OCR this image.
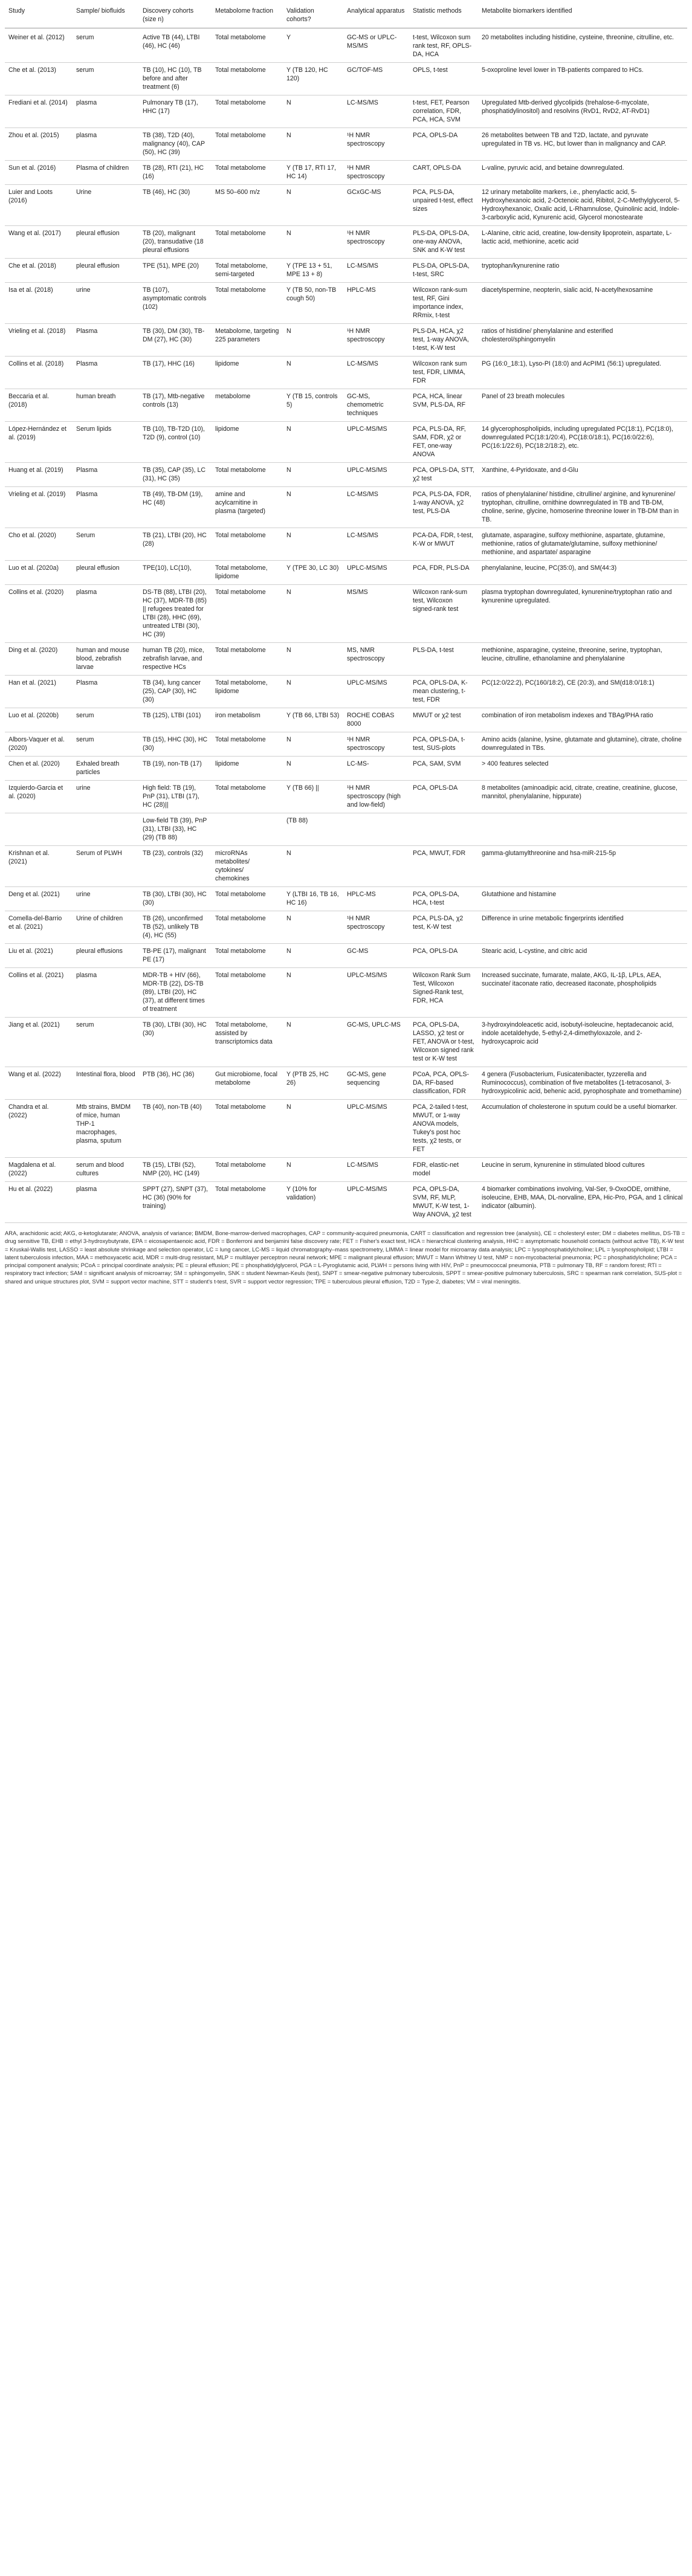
Study	Sample/ biofluids	Discovery cohorts (size n)	Metabolome fraction	Validation cohorts?	Analytical apparatus	Statistic methods	Metabolite biomarkers identified
Weiner et al. (2012)	serum	Active TB (44), LTBI (46), HC (46)	Total metabolome	Y	GC-MS or UPLC-MS/MS	t-test, Wilcoxon sum rank test, RF, OPLS-DA, HCA	20 metabolites including histidine, cysteine, threonine, citrulline, etc.
Che et al. (2013)	serum	TB (10), HC (10), TB before and after treatment (6)	Total metabolome	Y (TB 120, HC 120)	GC/TOF-MS	OPLS, t-test	5-oxoproline level lower in TB-patients compared to HCs.
Frediani et al. (2014)	plasma	Pulmonary TB (17), HHC (17)	Total metabolome	N	LC-MS/MS	t-test, FET, Pearson correlation, FDR, PCA, HCA, SVM	Upregulated Mtb-derived glycolipids (trehalose-6-mycolate, phosphatidylinositol) and resolvins (RvD1, RvD2, AT-RvD1)
Zhou et al. (2015)	plasma	TB (38), T2D (40), malignancy (40), CAP (50), HC (39)	Total metabolome	N	¹H NMR spectroscopy	PCA, OPLS-DA	26 metabolites between TB and T2D, lactate, and pyruvate upregulated in TB vs. HC, but lower than in malignancy and CAP.
Sun et al. (2016)	Plasma of children	TB (28), RTI (21), HC (16)	Total metabolome	Y (TB 17, RTI 17, HC 14)	¹H NMR spectroscopy	CART, OPLS-DA	L-valine, pyruvic acid, and betaine downregulated.
Luier and Loots (2016)	Urine	TB (46), HC (30)	MS 50–600 m/z	N	GCxGC-MS	PCA, PLS-DA, unpaired t-test, effect sizes	12 urinary metabolite markers, i.e., phenylactic acid, 5-Hydroxyhexanoic acid, 2-Octenoic acid, Ribitol, 2-C-Methylglycerol, 5-Hydroxyhexanoic, Oxalic acid, L-Rhamnulose, Quinolinic acid, Indole-3-carboxylic acid, Kynurenic acid, Glycerol monostearate
Wang et al. (2017)	pleural effusion	TB (20), malignant (20), transudative (18 pleural effusions	Total metabolome	N	¹H NMR spectroscopy	PLS-DA, OPLS-DA, one-way ANOVA, SNK and K-W test	L-Alanine, citric acid, creatine, low-density lipoprotein, aspartate, L-lactic acid, methionine, acetic acid
Che et al. (2018)	pleural effusion	TPE (51), MPE (20)	Total metabolome, semi-targeted	Y (TPE 13 + 51, MPE 13 + 8)	LC-MS/MS	PLS-DA, OPLS-DA, t-test, SRC	tryptophan/kynurenine ratio
Isa et al. (2018)	urine	TB (107), asymptomatic controls (102)	Total metabolome	Y (TB 50, non-TB cough 50)	HPLC-MS	Wilcoxon rank-sum test, RF, Gini importance index, RRmix, t-test	diacetylspermine, neopterin, sialic acid, N-acetylhexosamine
Vrieling et al. (2018)	Plasma	TB (30), DM (30), TB-DM (27), HC (30)	Metabolome, targeting 225 parameters	N	¹H NMR spectroscopy	PLS-DA, HCA, χ2 test, 1-way ANOVA, t-test, K-W test	ratios of histidine/ phenylalanine and esterified cholesterol/sphingomyelin
Collins et al. (2018)	Plasma	TB (17), HHC (16)	lipidome	N	LC-MS/MS	Wilcoxon rank sum test, FDR, LIMMA, FDR	PG (16:0_18:1), Lyso-PI (18:0) and AcPIM1 (56:1) upregulated.
Beccaria et al. (2018)	human breath	TB (17), Mtb-negative controls (13)	metabolome	Y (TB 15, controls 5)	GC-MS, chemometric techniques	PCA, HCA, linear SVM, PLS-DA, RF	Panel of 23 breath molecules
López-Hernández et al. (2019)	Serum lipids	TB (10), TB-T2D (10), T2D (9), control (10)	lipidome	N	UPLC-MS/MS	PCA, PLS-DA, RF, SAM, FDR, χ2 or FET, one-way ANOVA	14 glycerophospholipids, including upregulated PC(18:1), PC(18:0), downregulated PC(18:1/20:4), PC(18:0/18:1), PC(16:0/22:6), PC(16:1/22:6), PC(18:2/18:2), etc.
Huang et al. (2019)	Plasma	TB (35), CAP (35), LC (31), HC (35)	Total metabolome	N	UPLC-MS/MS	PCA, OPLS-DA, STT, χ2 test	Xanthine, 4-Pyridoxate, and d-Glu
Vrieling et al. (2019)	Plasma	TB (49), TB-DM (19), HC (48)	amine and acylcarnitine in plasma (targeted)	N	LC-MS/MS	PCA, PLS-DA, FDR, 1-way ANOVA, χ2 test, PLS-DA	ratios of phenylalanine/ histidine, citrulline/ arginine, and kynurenine/ tryptophan, citrulline, ornithine downregulated in TB and TB-DM, choline, serine, glycine, homoserine threonine lower in TB-DM than in TB.
Cho et al. (2020)	Serum	TB (21), LTBI (20), HC (28)	Total metabolome	N	LC-MS/MS	PCA-DA, FDR, t-test, K-W or MWUT	glutamate, asparagine, sulfoxy methionine, aspartate, glutamine, methionine, ratios of glutamate/glutamine, sulfoxy methionine/ methionine, and aspartate/ asparagine
Luo et al. (2020a)	pleural effusion	TPE(10), LC(10),	Total metabolome, lipidome	Y (TPE 30, LC 30)	UPLC-MS/MS	PCA, FDR, PLS-DA	phenylalanine, leucine, PC(35:0), and SM(44:3)
Collins et al. (2020)	plasma	DS-TB (88), LTBI (20), HC (37), MDR-TB (85) || refugees treated for LTBI (28), HHC (69), untreated LTBI (30), HC (39)	Total metabolome	N	MS/MS	Wilcoxon rank-sum test, Wilcoxon signed-rank test	plasma tryptophan downregulated, kynurenine/tryptophan ratio and kynurenine upregulated.
Ding et al. (2020)	human and mouse blood, zebrafish larvae	human TB (20), mice, zebrafish larvae, and respective HCs	Total metabolome	N	MS, NMR spectroscopy	PLS-DA, t-test	methionine, asparagine, cysteine, threonine, serine, tryptophan, leucine, citrulline, ethanolamine and phenylalanine
Han et al. (2021)	Plasma	TB (34), lung cancer (25), CAP (30), HC (30)	Total metabolome, lipidome	N	UPLC-MS/MS	PCA, OPLS-DA, K-mean clustering, t-test, FDR	PC(12:0/22:2), PC(160/18:2), CE (20:3), and SM(d18:0/18:1)
Luo et al. (2020b)	serum	TB (125), LTBI (101)	iron metabolism	Y (TB 66, LTBI 53)	ROCHE COBAS 8000	MWUT or χ2 test	combination of iron metabolism indexes and TBAg/PHA ratio
Albors-Vaquer et al. (2020)	serum	TB (15), HHC (30), HC (30)	Total metabolome	N	¹H NMR spectroscopy	PCA, OPLS-DA, t-test, SUS-plots	Amino acids (alanine, lysine, glutamate and glutamine), citrate, choline downregulated in TBs.
Chen et al. (2020)	Exhaled breath particles	TB (19), non-TB (17)	lipidome	N	LC-MS-	PCA, SAM, SVM	> 400 features selected
Izquierdo-Garcia et al. (2020)	urine	High field: TB (19), PnP (31), LTBI (17), HC (28)||	Total metabolome	Y (TB 66) ||	¹H NMR spectroscopy (high and low-field)	PCA, OPLS-DA	8 metabolites (aminoadipic acid, citrate, creatine, creatinine, glucose, mannitol, phenylalanine, hippurate)
		Low-field TB (39), PnP (31), LTBI (33), HC (29) (TB 88)		(TB 88)			
Krishnan et al. (2021)	Serum of PLWH	TB (23), controls (32)	microRNAs metabolites/ cytokines/ chemokines	N		PCA, MWUT, FDR	gamma-glutamylthreonine and hsa-miR-215-5p
Deng et al. (2021)	urine	TB (30), LTBI (30), HC (30)	Total metabolome	Y (LTBI 16, TB 16, HC 16)	HPLC-MS	PCA, OPLS-DA, HCA, t-test	Glutathione and histamine
Comella-del-Barrio et al. (2021)	Urine of children	TB (26), unconfirmed TB (52), unlikely TB (4), HC (55)	Total metabolome	N	¹H NMR spectroscopy	PCA, PLS-DA, χ2 test, K-W test	Difference in urine metabolic fingerprints identified
Liu et al. (2021)	pleural effusions	TB-PE (17), malignant PE (17)	Total metabolome	N	GC-MS	PCA, OPLS-DA	Stearic acid, L-cystine, and citric acid
Collins et al. (2021)	plasma	MDR-TB + HIV (66), MDR-TB (22), DS-TB (89), LTBI (20), HC (37), at different times of treatment	Total metabolome	N	UPLC-MS/MS	Wilcoxon Rank Sum Test, Wilcoxon Signed-Rank test, FDR, HCA	Increased succinate, fumarate, malate, AKG, IL-1β, LPLs, AEA, succinate/ itaconate ratio, decreased itaconate, phospholipids
Jiang et al. (2021)	serum	TB (30), LTBI (30), HC (30)	Total metabolome, assisted by transcriptomics data	N	GC-MS, UPLC-MS	PCA, OPLS-DA, LASSO, χ2 test or FET, ANOVA or t-test, Wilcoxon signed rank test or K-W test	3-hydroxyindoleacetic acid, isobutyl-isoleucine, heptadecanoic acid, indole acetaldehyde, 5-ethyl-2,4-dimethyloxazole, and 2-hydroxycaproic acid
Wang et al. (2022)	Intestinal flora, blood	PTB (36), HC (36)	Gut microbiome, focal metabolome	Y (PTB 25, HC 26)	GC-MS, gene sequencing	PCoA, PCA, OPLS-DA, RF-based classification, FDR	4 genera (Fusobacterium, Fusicatenibacter, tyzzerella and Ruminococcus), combination of five metabolites (1-tetracosanol, 3-hydroxypicolinic acid, behenic acid, pyrophosphate and tromethamine)
Chandra et al. (2022)	Mtb strains, BMDM of mice, human THP-1 macrophages, plasma, sputum	TB (40), non-TB (40)	Total metabolome	N	UPLC-MS/MS	PCA, 2-tailed t-test, MWUT, or 1-way ANOVA models, Tukey's post hoc tests, χ2 tests, or FET	Accumulation of cholesterone in sputum could be a useful biomarker.
Magdalena et al. (2022)	serum and blood cultures	TB (15), LTBI (52), NMP (20), HC (149)	Total metabolome	N	LC-MS/MS	FDR, elastic-net model	Leucine in serum, kynurenine in stimulated blood cultures
Hu et al. (2022)	plasma	SPPT (27), SNPT (37), HC (36) (90% for training)	Total metabolome	Y (10% for validation)	UPLC-MS/MS	PCA, OPLS-DA, SVM, RF, MLP, MWUT, K-W test, 1-Way ANOVA, χ2 test	4 biomarker combinations involving, Val-Ser, 9-OxoODE, ornithine, isoleucine, EHB, MAA, DL-norvaline, EPA, Hic-Pro, PGA, and 1 clinical indicator (albumin).
ARA, arachidonic acid; AKG, α-ketoglutarate; ANOVA, analysis of variance; BMDM, Bone-marrow-derived macrophages, CAP = community-acquired pneumonia, CART = classification and regression tree (analysis), CE = cholesteryl ester; DM = diabetes mellitus, DS-TB = drug sensitive TB, EHB = ethyl 3-hydroxybutyrate, EPA = eicosapentaenoic acid, FDR = Bonferroni and benjamini false discovery rate; FET = Fisher's exact test, HCA = hierarchical clustering analysis, HHC = asymptomatic household contacts (without active TB), K-W test = Kruskal-Wallis test, LASSO = least absolute shrinkage and selection operator, LC = lung cancer, LC-MS = liquid chromatography–mass spectrometry, LIMMA = linear model for microarray data analysis; LPC = lysophosphatidylcholine; LPL = lysophospholipid; LTBI = latent tuberculosis infection, MAA = methoxyacetic acid, MDR = multi-drug resistant, MLP = multilayer perceptron neural network; MPE = malignant pleural effusion; MWUT = Mann Whitney U test, NMP = non-mycobacterial pneumonia; PC = phosphatidylcholine; PCA = principal component analysis; PCoA = principal coordinate analysis; PE = pleural effusion; PE = phosphatidylglycerol, PGA = L-Pyroglutamic acid, PLWH = persons living with HIV, PnP = pneumococcal pneumonia, PTB = pulmonary TB, RF = random forest; RTI = respiratory tract infection; SAM = significant analysis of microarray; SM = sphingomyelin, SNK = student Newman-Keuls (test), SNPT = smear-negative pulmonary tuberculosis, SPPT = smear-positive pulmonary tuberculosis, SRC = spearman rank correlation, SUS-plot = shared and unique structures plot, SVM = support vector machine, STT = student's t-test, SVR = support vector regression; TPE = tuberculous pleural effusion, T2D = Type-2, diabetes; VM = viral meningitis.
